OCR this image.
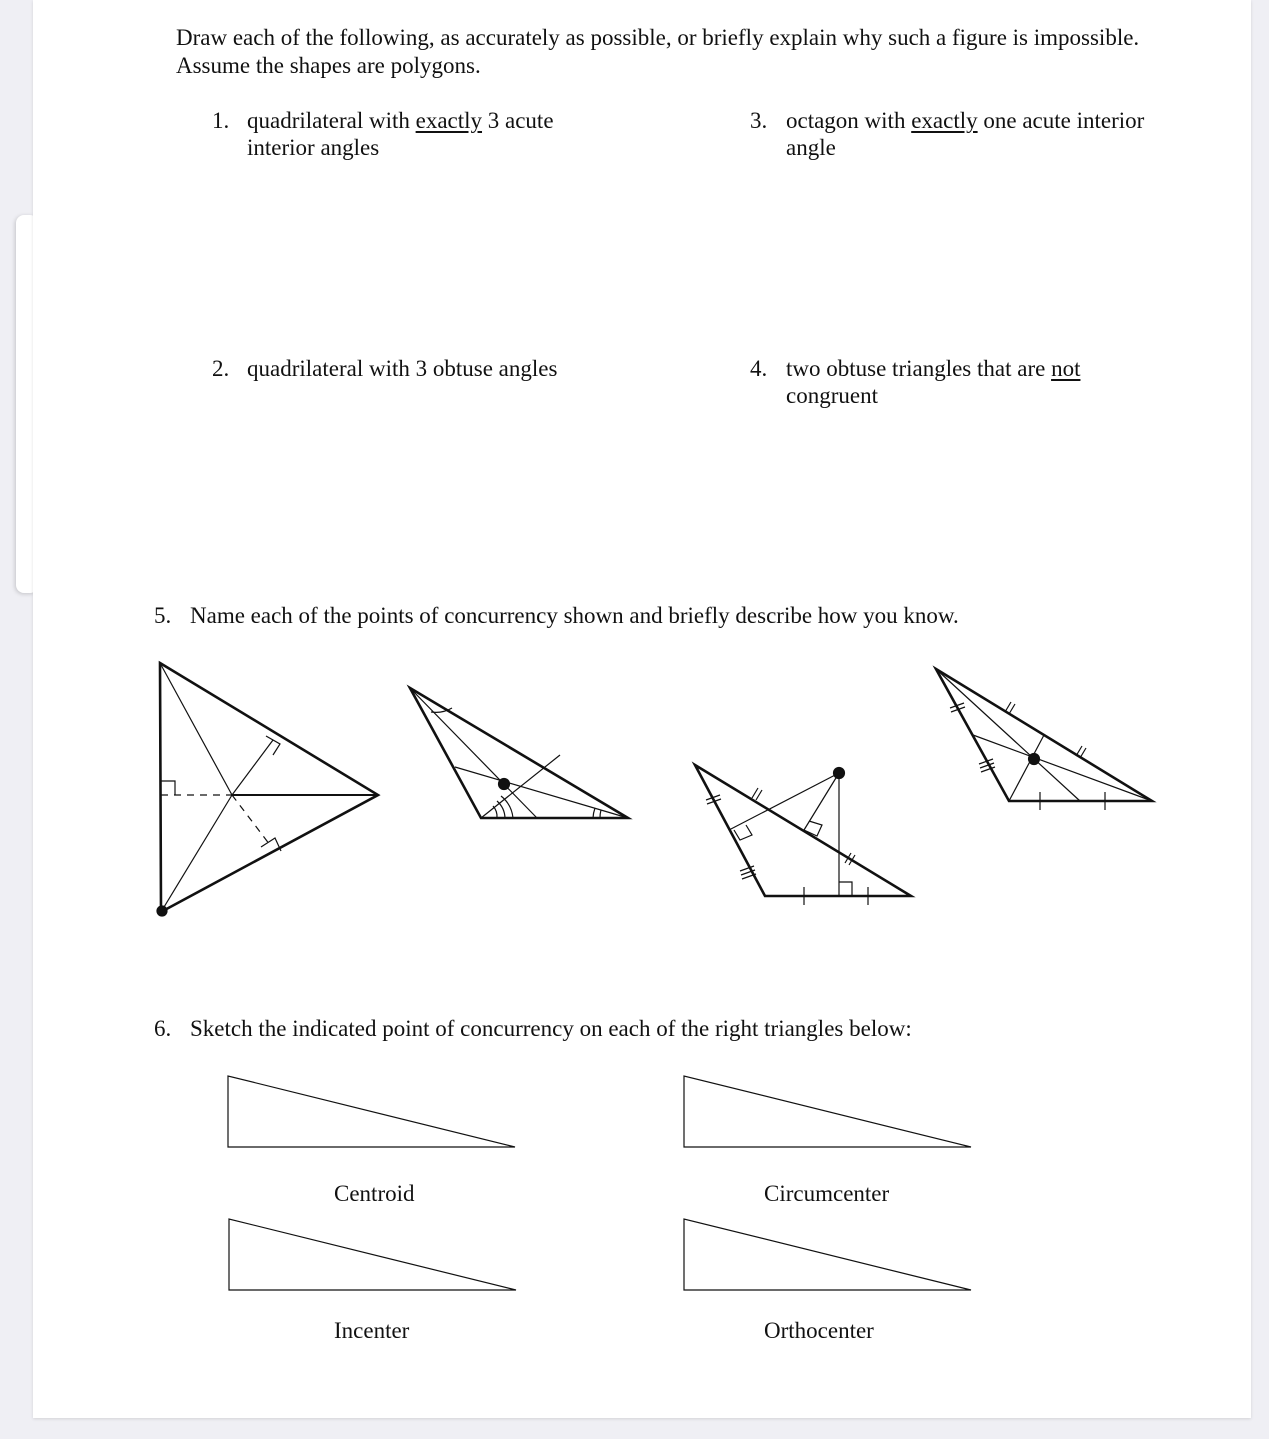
Draw each of the following, as accurately as possible, or briefly explain why such a figure is impossible.
Assume the shapes are polygons.
1. quadrilateral with exactly 3 acute
interior angles
3. octagon with exactly one acute interior
angle
2. quadrilateral with 3 obtuse angles	4. two obtuse triangles that are not
congruent
5. Name each of the points of concurrency shown and briefly describe how you know.
6. Sketch the indicated point of concurrency on each of the right triangles below:
Centroid	Circumcenter
Incenter	Orthocenter
